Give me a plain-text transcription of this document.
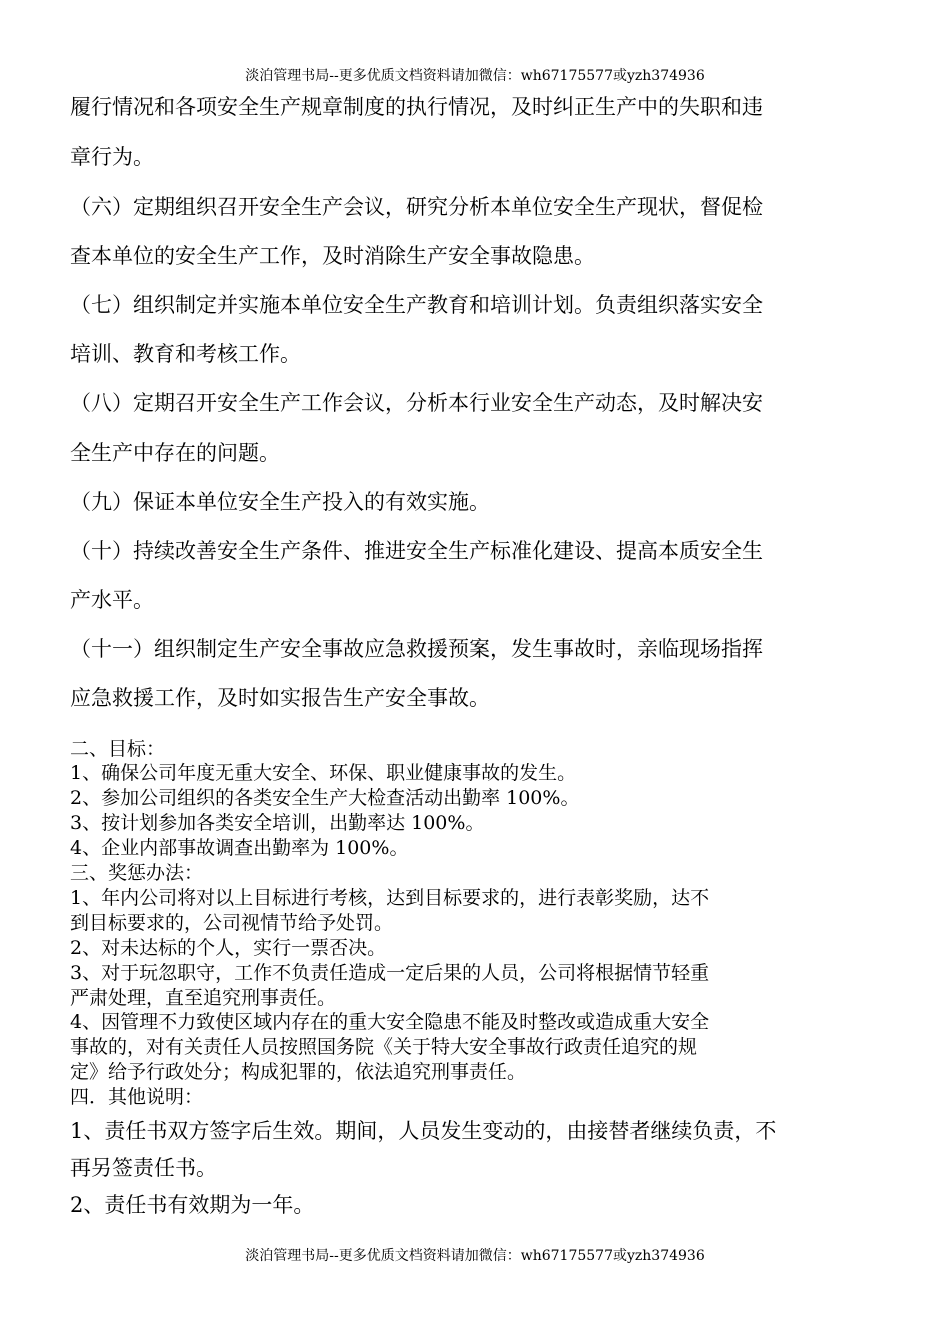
淡泊管理书局--更多优质文档资料请加微信：wh67175577或yzh374936
履行情况和各项安全生产规章制度的执行情况，及时纠正生产中的失职和违
章行为。
（六）定期组织召开安全生产会议，研究分析本单位安全生产现状，督促检
查本单位的安全生产工作，及时消除生产安全事故隐患。
（七）组织制定并实施本单位安全生产教育和培训计划。负责组织落实安全
培训、教育和考核工作。
（八）定期召开安全生产工作会议，分析本行业安全生产动态，及时解决安
全生产中存在的问题。
（九）保证本单位安全生产投入的有效实施。
（十）持续改善安全生产条件、推进安全生产标准化建设、提高本质安全生
产水平。
（十一）组织制定生产安全事故应急救援预案，发生事故时，亲临现场指挥
应急救援工作，及时如实报告生产安全事故。
二、目标：
1、确保公司年度无重大安全、环保、职业健康事故的发生。
2、参加公司组织的各类安全生产大检查活动出勤率 100%。
3、按计划参加各类安全培训，出勤率达 100%。
4、企业内部事故调查出勤率为 100%。
三、奖惩办法：
1、年内公司将对以上目标进行考核，达到目标要求的，进行表彰奖励，达不
到目标要求的，公司视情节给予处罚。
2、对未达标的个人，实行一票否决。
3、对于玩忽职守，工作不负责任造成一定后果的人员，公司将根据情节轻重
严肃处理，直至追究刑事责任。
4、因管理不力致使区域内存在的重大安全隐患不能及时整改或造成重大安全
事故的，对有关责任人员按照国务院《关于特大安全事故行政责任追究的规
定》给予行政处分；构成犯罪的，依法追究刑事责任。
四．其他说明：
1、责任书双方签字后生效。期间，人员发生变动的，由接替者继续负责，不
再另签责任书。
2、责任书有效期为一年。
淡泊管理书局--更多优质文档资料请加微信：wh67175577或yzh374936
